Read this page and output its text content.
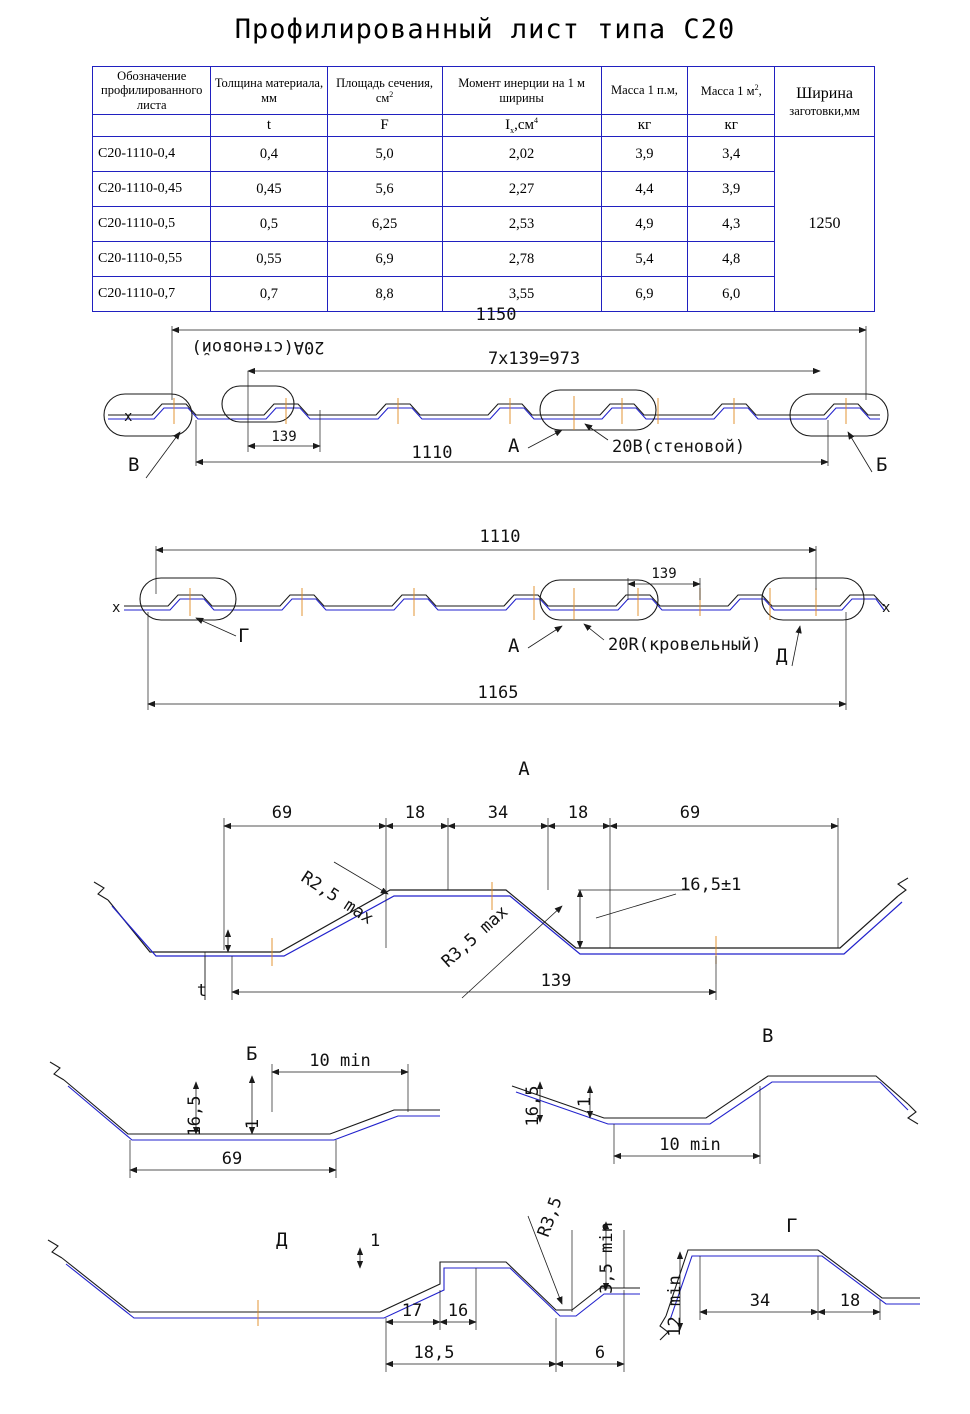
Профилированный лист типа С20
Обозначение профилированного листа	Толщина материала, мм	Площадь сечения, $см^2$	Момент инерции на 1 м ширины	Масса 1 п.м,	Масса 1 $м^2$,	Ширина
заготовки,мм

	t	F	$I_x,см^4$	кг	кг	
С20-1110-0,4	0,4	5,0	2,02	3,9	3,4	1250
С20-1110-0,45	0,45	5,6	2,27	4,4	3,9	
С20-1110-0,5	0,5	6,25	2,53	4,9	4,3	
С20-1110-0,55	0,55	6,9	2,78	5,4	4,8	
С20-1110-0,7	0,7	8,8	3,55	6,9	6,0	
x
1150
7х139=973
139
1110
20А(стеновой)
20В(стеновой)
А
В	Б
x	x
1110
139
1165
Г	А	20R(кровельный) Д
А
69	18	34	18	69
R2,5 max
R3,5 max
16,5±1
t	139
Б	10 min
16,5 1
69
В
16,5 1
10 min
Д	1
17 16
18,5	6
R3,5
3,5 min	Г
12 min	34	18
